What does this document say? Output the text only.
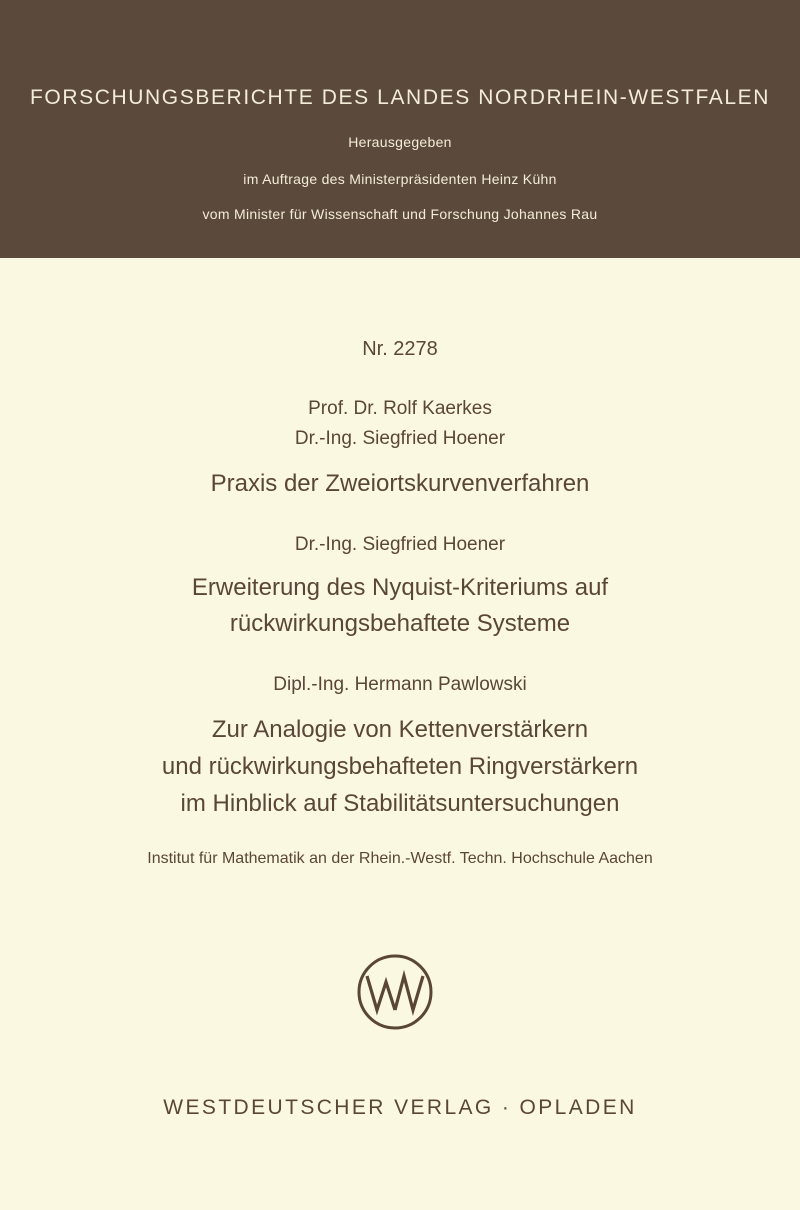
FORSCHUNGSBERICHTE DES LANDES NORDRHEIN-WESTFALEN
Herausgegeben
im Auftrage des Ministerpräsidenten Heinz Kühn
vom Minister für Wissenschaft und Forschung Johannes Rau
Nr. 2278
Prof. Dr. Rolf Kaerkes
Dr.-Ing. Siegfried Hoener
Praxis der Zweiortskurvenverfahren
Dr.-Ing. Siegfried Hoener
Erweiterung des Nyquist-Kriteriums auf
rückwirkungsbehaftete Systeme
Dipl.-Ing. Hermann Pawlowski
Zur Analogie von Kettenverstärkern
und rückwirkungsbehafteten Ringverstärkern
im Hinblick auf Stabilitätsuntersuchungen
Institut für Mathematik an der Rhein.-Westf. Techn. Hochschule Aachen
WESTDEUTSCHER VERLAG · OPLADEN
